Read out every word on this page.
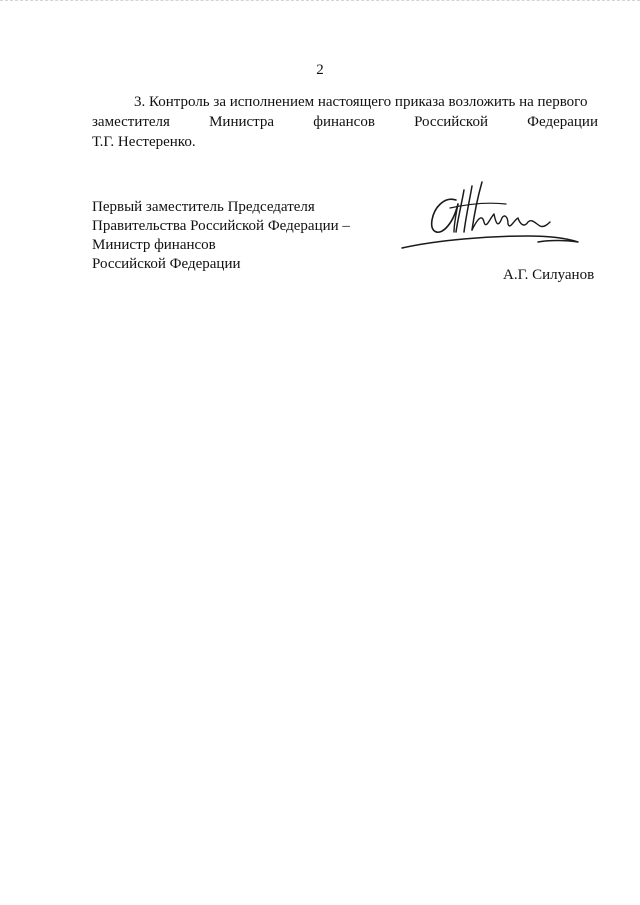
2
3. Контроль за исполнением настоящего приказа возложить на первого
заместителя	Министра	финансов	Российской	Федерации
Т.Г. Нестеренко.
Первый заместитель Председателя
Правительства Российской Федерации –
Министр финансов
Российской Федерации
А.Г. Силуанов
